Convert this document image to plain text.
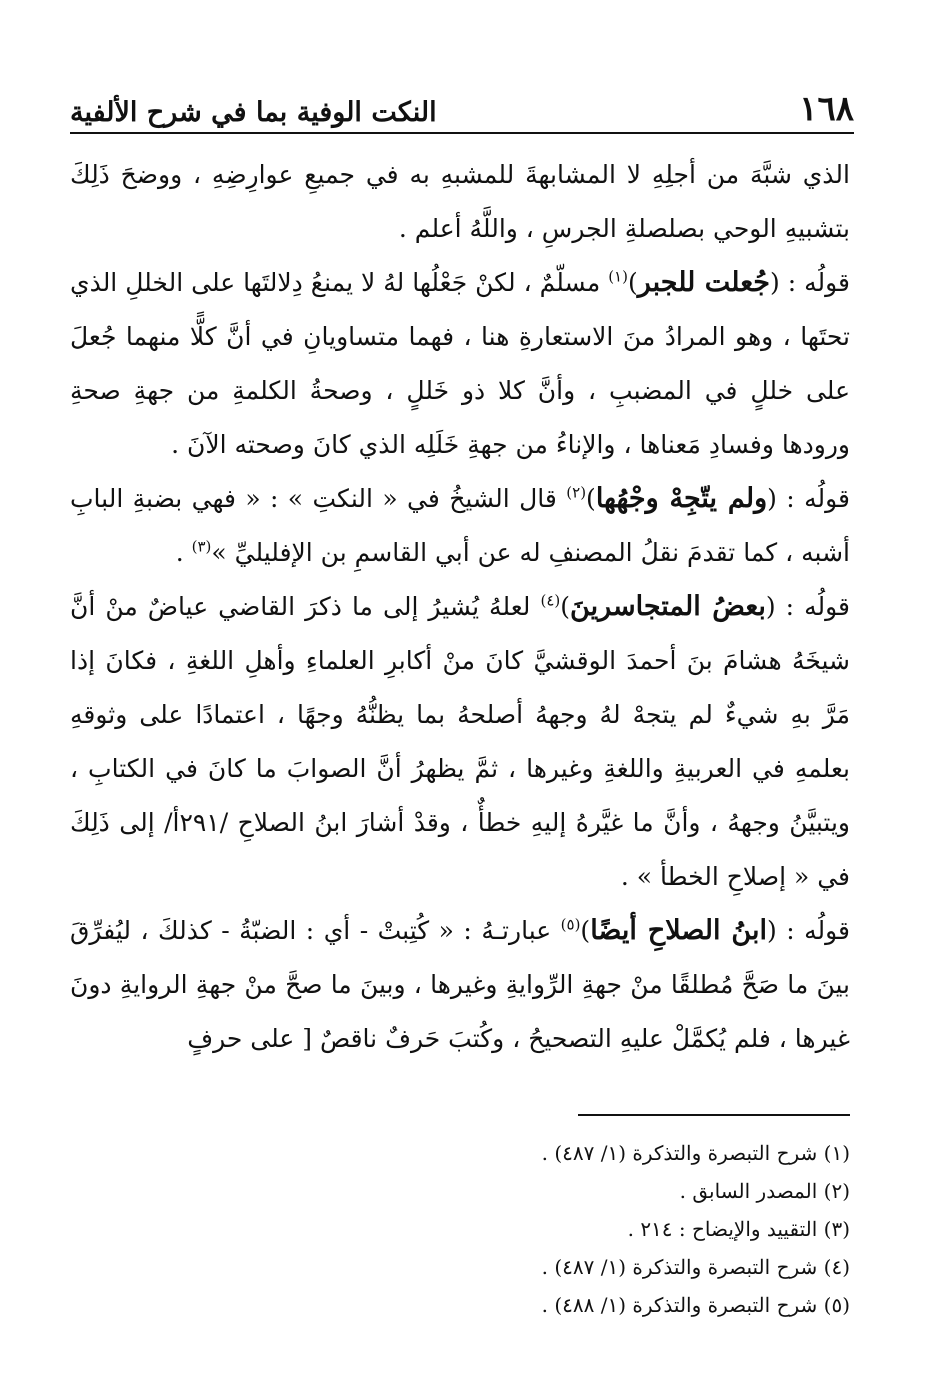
١٦٨
النكت الوفية بما في شرح الألفية

الذي شبَّهَ من أجلِهِ لا المشابهةَ للمشبهِ به في جميعِ عوارِضِهِ ، ووضحَ ذَلِكَ بتشبيهِ الوحي بصلصلةِ الجرسِ ، واللَّهُ أعلم .

قولُه : (جُعلت للجبر)$^{(١)}$ مسلّمٌ ، لكنْ جَعْلُها لهُ لا يمنعُ دِلالتَها على الخللِ الذي تحتَها ، وهو المرادُ منَ الاستعارةِ هنا ، فهما متساويانِ في أنَّ كلًّا منهما جُعلَ على خللٍ في المضببِ ، وأنَّ كلا ذو خَللٍ ، وصحةُ الكلمةِ من جهةِ صحةِ ورودها وفسادِ مَعناها ، والإناءُ من جهةِ خَلَلِه الذي كانَ وصحته الآنَ .

قولُه : (ولم يتّجِهْ وجْهُها)$^{(٢)}$ قال الشيخُ في « النكتِ » : « فهي بضبةِ البابِ أشبه ، كما تقدمَ نقلُ المصنفِ له عن أبي القاسمِ بن الإفليليِّ »$^{(٣)}$ .

قولُه : (بعضُ المتجاسرينَ)$^{(٤)}$ لعلهُ يُشيرُ إلى ما ذكرَ القاضي عياضٌ منْ أنَّ شيخَهُ هشامَ بنَ أحمدَ الوقشيَّ كانَ منْ أكابرِ العلماءِ وأهلِ اللغةِ ، فكانَ إذا مَرَّ بهِ شيءٌ لم يتجهْ لهُ وجههُ أصلحهُ بما يظنُّهُ وجهًا ، اعتمادًا على وثوقهِ بعلمهِ في العربيةِ واللغةِ وغيرها ، ثمَّ يظهرُ أنَّ الصوابَ ما كانَ في الكتابِ ، ويتبيَّنُ وجههُ ، وأنَّ ما غيَّرهُ إليهِ خطأٌ ، وقدْ أشارَ ابنُ الصلاحِ /٢٩١أ/ إلى ذَلِكَ في « إصلاحِ الخطأ » .

قولُه : (ابنُ الصلاحِ أيضًا)$^{(٥)}$ عبارتـهُ : « كُتِبتْ - أي : الضبّةُ - كذلكَ ، ليُفرِّقَ بينَ ما صَحَّ مُطلقًا منْ جهةِ الرِّوايةِ وغيرها ، وبينَ ما صحَّ منْ جهةِ الروايةِ دونَ غيرها ، فلم يُكمَّلْ عليهِ التصحيحُ ، وكُتبَ حَرفٌ ناقصٌ [ على حرفٍ

(١) شرح التبصرة والتذكرة (١/ ٤٨٧) .

(٢) المصدر السابق .

(٣) التقييد والإيضاح : ٢١٤ .

(٤) شرح التبصرة والتذكرة (١/ ٤٨٧) .

(٥) شرح التبصرة والتذكرة (١/ ٤٨٨) .
